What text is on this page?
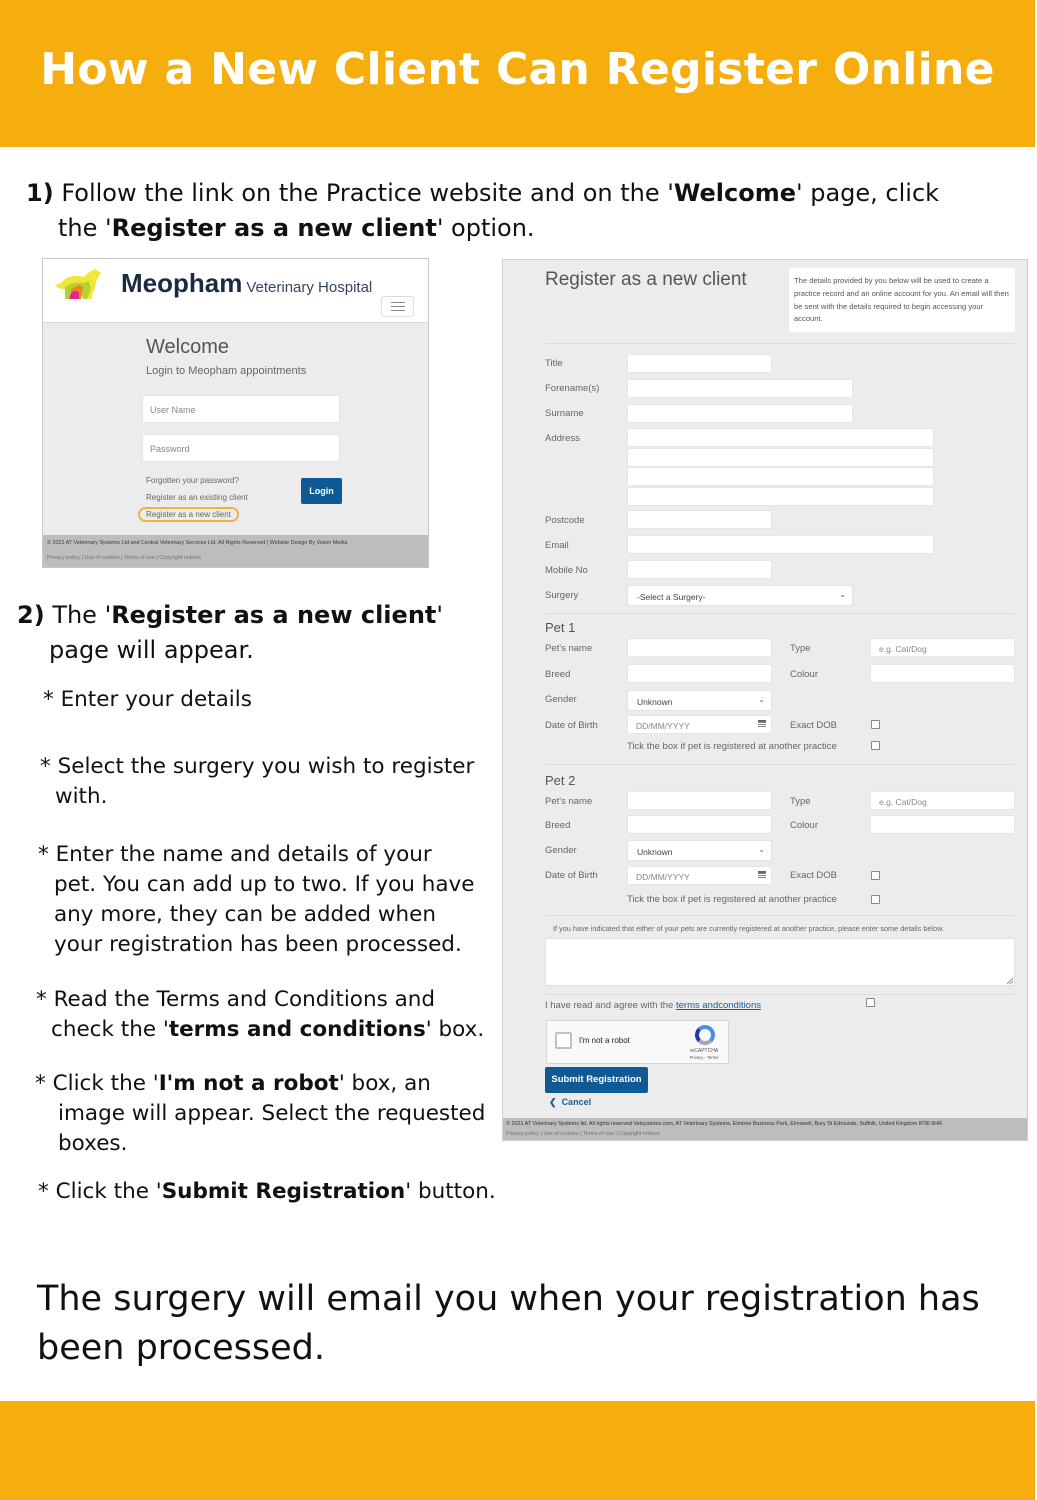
How a New Client Can Register Online
1) Follow the link on the Practice website and on the 'Welcome' page, click
the 'Register as a new client' option.
Meopham Veterinary Hospital
Welcome
Login to Meopham appointments
User Name
Password
Forgotten your password?
Register as an existing client
Register as a new client
Login
© 2021 AT Veterinary Systems Ltd and Central Veterinary Services Ltd. All Rights Reserved | Website Design By Vision Media
Privacy policy | Use of cookies | Terms of use | Copyright notices
2) The 'Register as a new client'
page will appear.
* Enter your details
* Select the surgery you wish to register
with.
* Enter the name and details of your
pet. You can add up to two. If you have
any more, they can be added when
your registration has been processed.
* Read the Terms and Conditions and
check the 'terms and conditions' box.
* Click the 'I'm not a robot' box, an
image will appear. Select the requested
boxes.
* Click the 'Submit Registration' button.
Register as a new client	The details provided by you below will be used to create a practice record and an online account for you. An email will then be sent with the details required to begin accessing your account.
Title
Forename(s)
Surname
Address
Postcode
Email
Mobile No
Surgery	-Select a Surgery-	⌄
Pet 1
Pet's name	Type	e.g. Cat/Dog
Breed	Colour
Gender	Unknown	⌄
Date of Birth	DD/MM/YYYY	Exact DOB
Tick the box if pet is registered at another practice
Pet 2
Pet's name	Type	e.g. Cat/Dog
Breed	Colour
Gender	Unknown	⌄
Date of Birth	DD/MM/YYYY	Exact DOB
Tick the box if pet is registered at another practice
If you have indicated that either of your pets are currently registered at another practice, please enter some details below.
I have read and agree with the terms andconditions
I'm not a robot
reCAPTCHA
Privacy - Terms
Submit Registration
❮ Cancel
© 2021 AT Veterinary Systems ltd. All rights reserved Vetsystems.com, AT Veterinary Systems, Elmtree Business Park, Elmswell, Bury St Edmunds, Suffolk, United Kingdom IP30 9HR
Privacy policy | Use of cookies | Terms of use | Copyright notices
The surgery will email you when your registration has
been processed.
